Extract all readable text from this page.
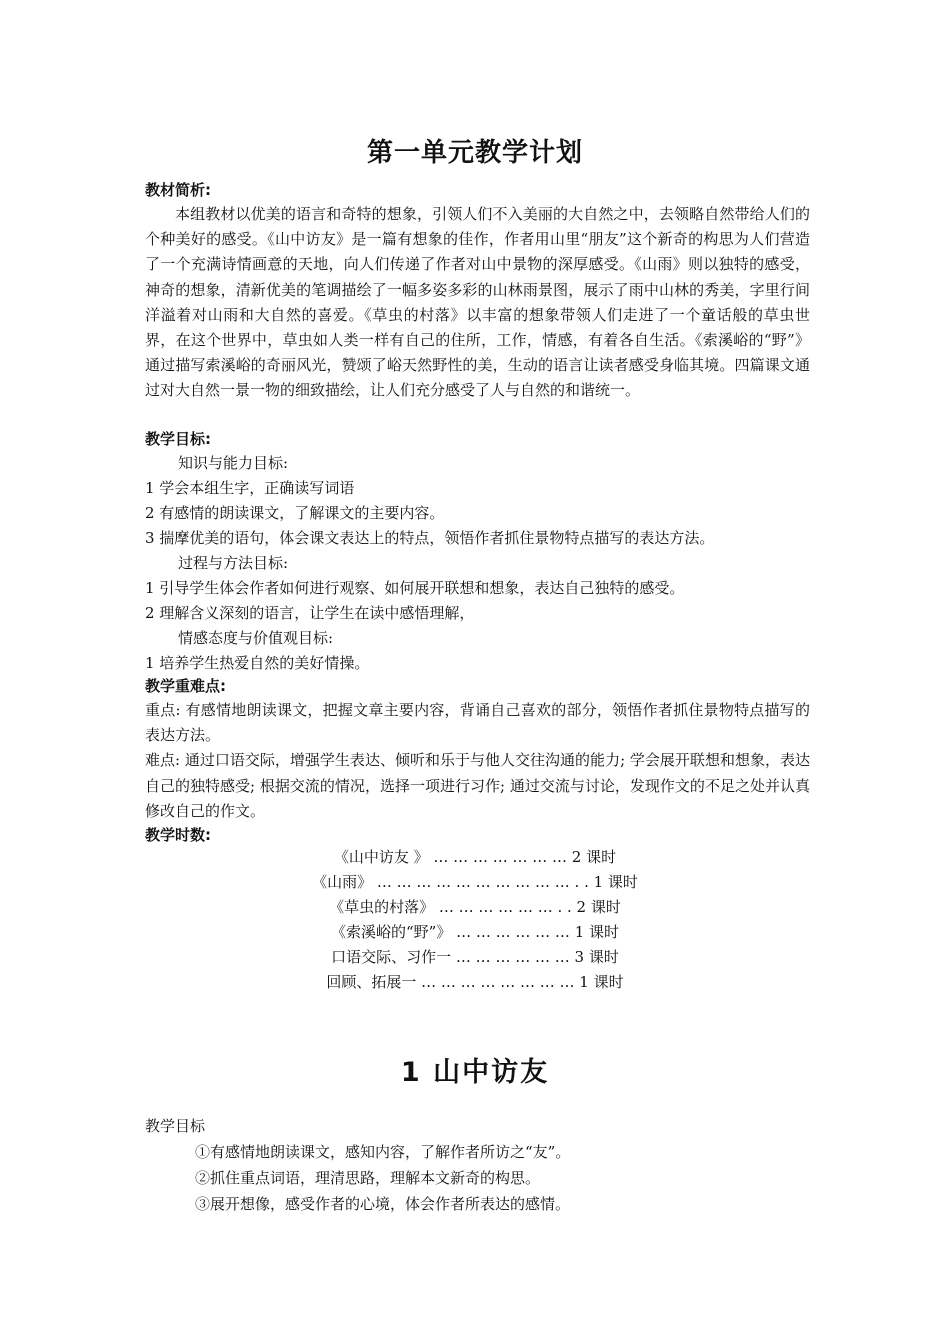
第一单元教学计划
教材简析:
本组教材以优美的语言和奇特的想象，引领人们不入美丽的大自然之中，去领略自然带给人们的个种美好的感受。《山中访友》是一篇有想象的佳作，作者用山里“朋友”这个新奇的构思为人们营造了一个充满诗情画意的天地，向人们传递了作者对山中景物的深厚感受。《山雨》则以独特的感受，神奇的想象，清新优美的笔调描绘了一幅多姿多彩的山林雨景图，展示了雨中山林的秀美，字里行间洋溢着对山雨和大自然的喜爱。《草虫的村落》以丰富的想象带领人们走进了一个童话般的草虫世界，在这个世界中，草虫如人类一样有自己的住所，工作，情感，有着各自生活。《索溪峪的“野”》通过描写索溪峪的奇丽风光，赞颂了峪天然野性的美，生动的语言让读者感受身临其境。四篇课文通过对大自然一景一物的细致描绘，让人们充分感受了人与自然的和谐统一。
教学目标:
知识与能力目标:
1 学会本组生字，正确读写词语
2 有感情的朗读课文，了解课文的主要内容。
3 揣摩优美的语句，体会课文表达上的特点，领悟作者抓住景物特点描写的表达方法。
过程与方法目标:
1 引导学生体会作者如何进行观察、如何展开联想和想象，表达自己独特的感受。
2 理解含义深刻的语言，让学生在读中感悟理解，
情感态度与价值观目标:
1 培养学生热爱自然的美好情操。
教学重难点:
重点: 有感情地朗读课文，把握文章主要内容，背诵自己喜欢的部分，领悟作者抓住景物特点描写的表达方法。
难点: 通过口语交际，增强学生表达、倾听和乐于与他人交往沟通的能力; 学会展开联想和想象，表达自己的独特感受; 根据交流的情况，选择一项进行习作; 通过交流与讨论，发现作文的不足之处并认真修改自己的作文。
教学时数:
《山中访友 》 … … … … … … … 2 课时
《山雨》 … … … … … … … … … … . . 1 课时
《草虫的村落》 … … … … … … . . 2 课时
《索溪峪的“野”》 … … … … … … 1 课时
口语交际、习作一 … … … … … … 3 课时
回顾、拓展一 … … … … … … … … 1 课时
1 山中访友
教学目标
①有感情地朗读课文，感知内容，了解作者所访之“友”。
②抓住重点词语，理清思路，理解本文新奇的构思。
③展开想像，感受作者的心境，体会作者所表达的感情。
